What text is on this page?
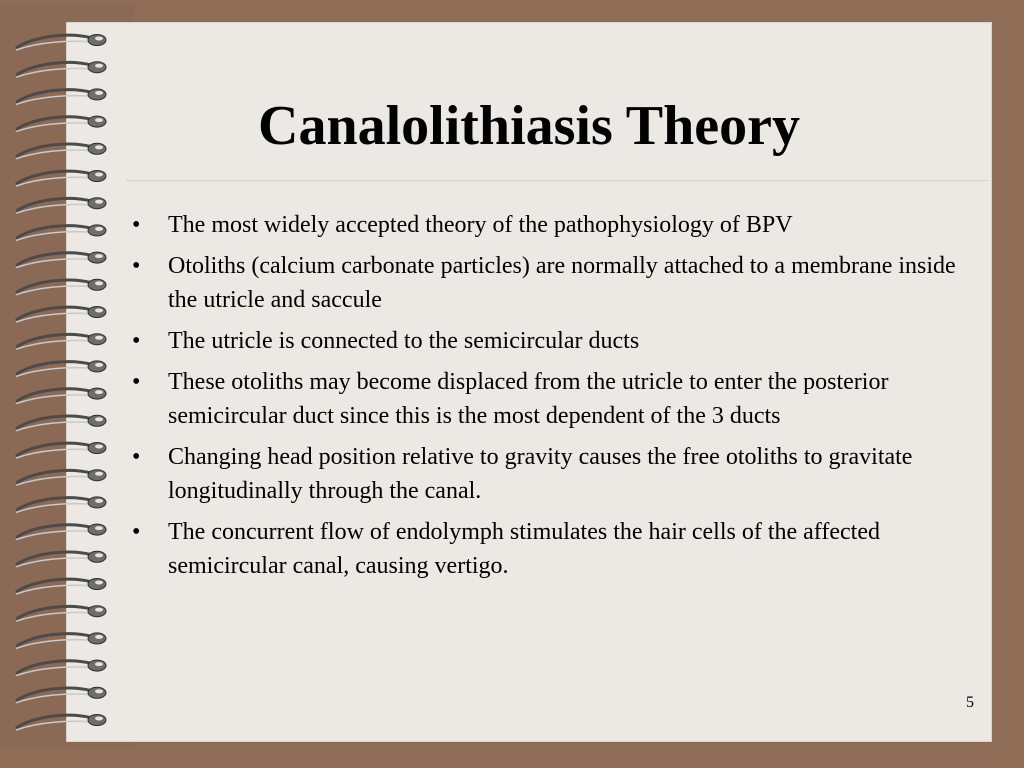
Canalolithiasis Theory
• The most widely accepted theory of the pathophysiology of BPV
• Otoliths (calcium carbonate particles) are normally attached to a membrane inside the utricle and saccule
• The utricle is connected to the semicircular ducts
• These otoliths may become displaced from the utricle to enter the posterior semicircular duct since this is the most dependent of the 3 ducts
• Changing head position relative to gravity causes the free otoliths to gravitate longitudinally through the canal.
• The concurrent flow of endolymph stimulates the hair cells of the affected semicircular canal, causing vertigo.
5
